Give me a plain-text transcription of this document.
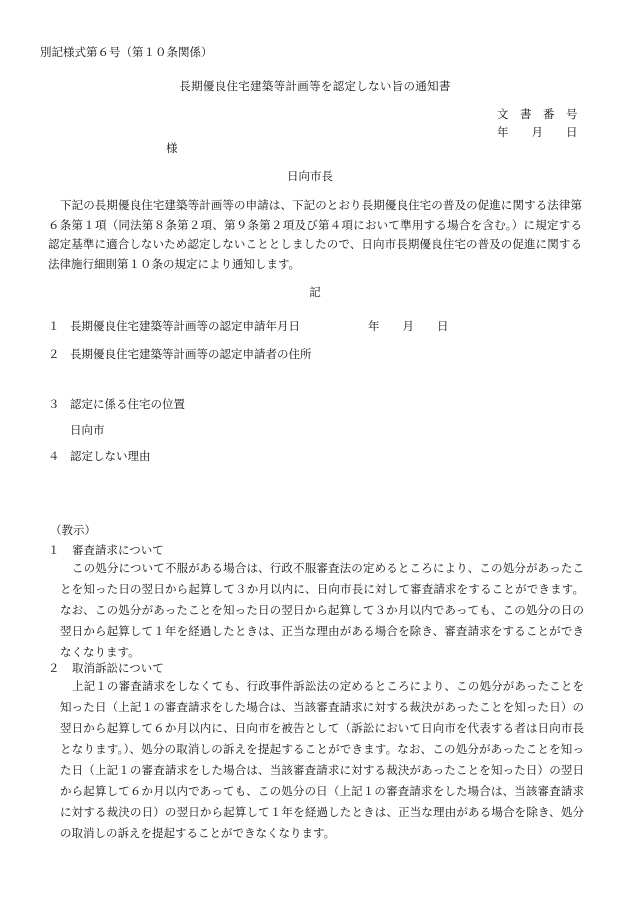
別記様式第６号（第１０条関係）
長期優良住宅建築等計画等を認定しない旨の通知書
文　書　番　号
年　　月　　日
様
日向市長
下記の長期優良住宅建築等計画等の申請は、下記のとおり長期優良住宅の普及の促進に関する法律第６条第１項（同法第８条第２項、第９条第２項及び第４項において準用する場合を含む。）に規定する認定基準に適合しないため認定しないこととしましたので、日向市長期優良住宅の普及の促進に関する法律施行細則第１０条の規定により通知します。
記
１ 長期優良住宅建築等計画等の認定申請年月日	年　　月　　日
２ 長期優良住宅建築等計画等の認定申請者の住所
３ 認定に係る住宅の位置
日向市
４ 認定しない理由
（教示）
１ 審査請求について
この処分について不服がある場合は、行政不服審査法の定めるところにより、この処分があったことを知った日の翌日から起算して３か月以内に、日向市長に対して審査請求をすることができます。なお、この処分があったことを知った日の翌日から起算して３か月以内であっても、この処分の日の翌日から起算して１年を経過したときは、正当な理由がある場合を除き、審査請求をすることができなくなります。
２ 取消訴訟について
上記１の審査請求をしなくても、行政事件訴訟法の定めるところにより、この処分があったことを知った日（上記１の審査請求をした場合は、当該審査請求に対する裁決があったことを知った日）の翌日から起算して６か月以内に、日向市を被告として（訴訟において日向市を代表する者は日向市長となります。）、処分の取消しの訴えを提起することができます。なお、この処分があったことを知った日（上記１の審査請求をした場合は、当該審査請求に対する裁決があったことを知った日）の翌日から起算して６か月以内であっても、この処分の日（上記１の審査請求をした場合は、当該審査請求に対する裁決の日）の翌日から起算して１年を経過したときは、正当な理由がある場合を除き、処分の取消しの訴えを提起することができなくなります。
